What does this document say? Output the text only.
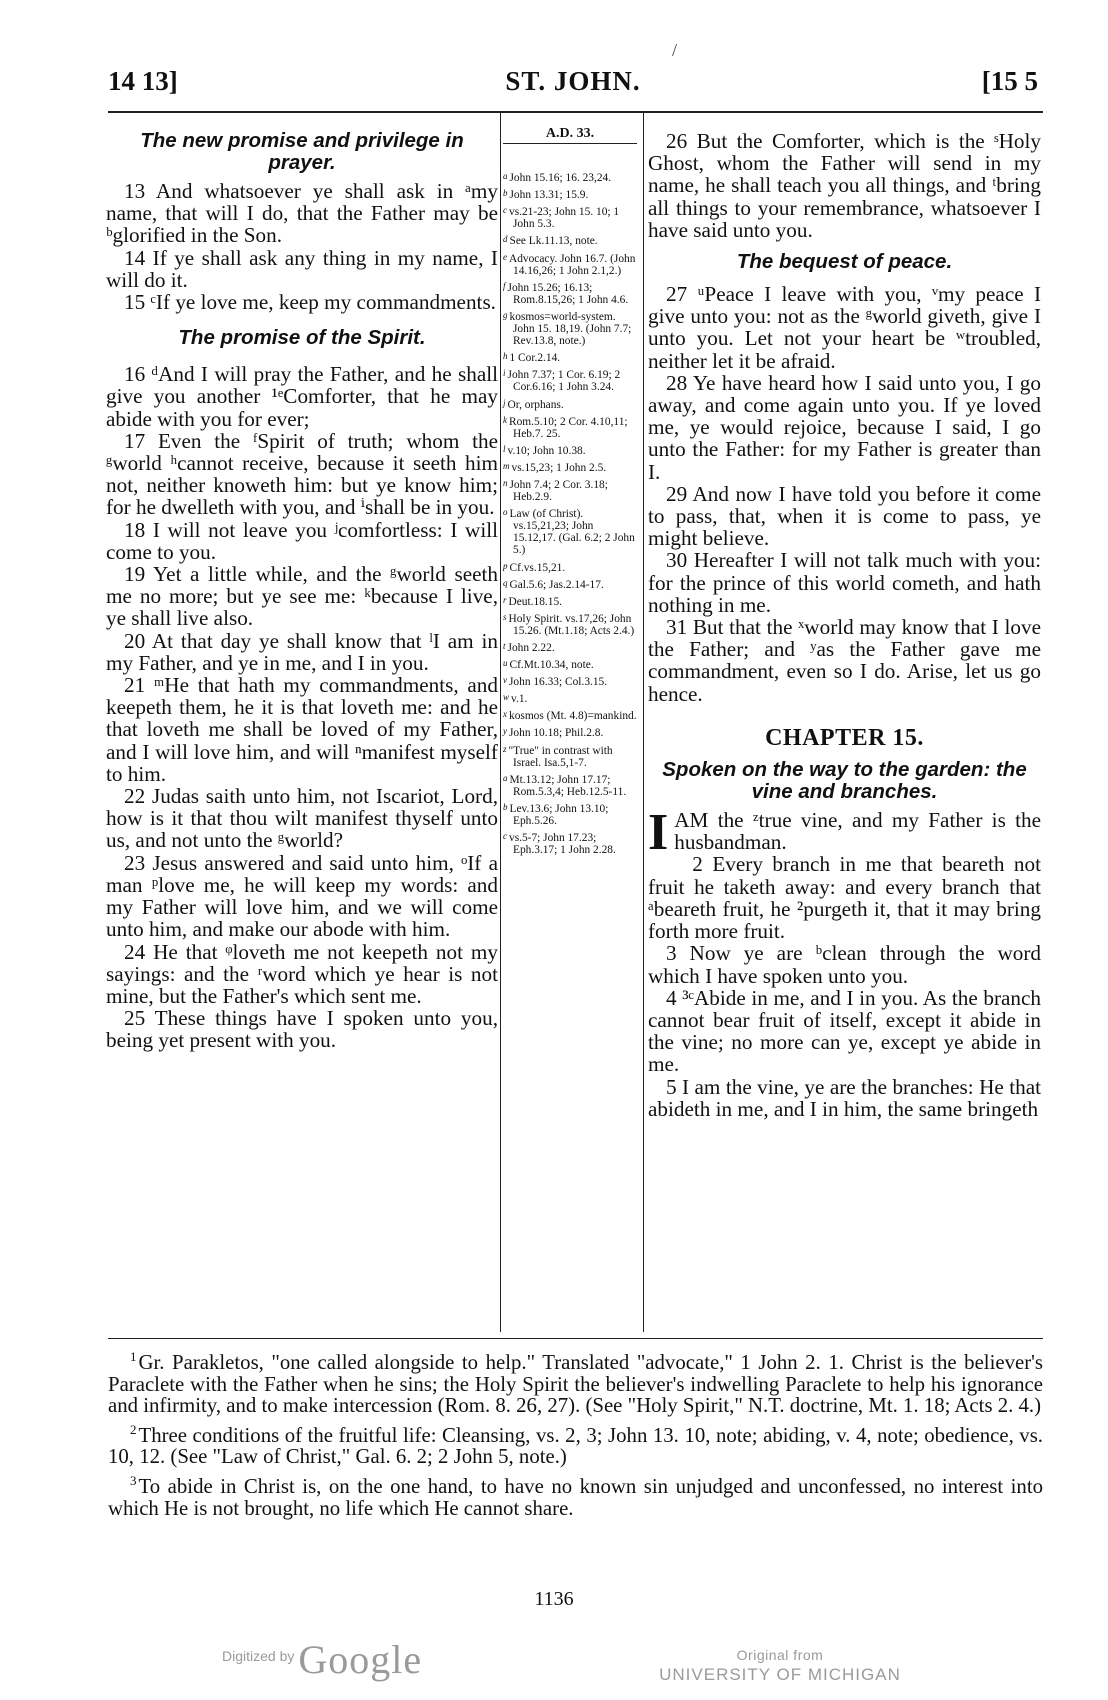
/
14 13]	ST. JOHN.	[15 5
The new promise and privilege in prayer.

13 And whatsoever ye shall ask in ᵃmy name, that will I do, that the Father may be ᵇglorified in the Son.

14 If ye shall ask any thing in my name, I will do it.

15 ᶜIf ye love me, keep my commandments.

The promise of the Spirit.

16 ᵈAnd I will pray the Father, and he shall give you another ¹ᵉComforter, that he may abide with you for ever;

17 Even the ᶠSpirit of truth; whom the ᵍworld ʰcannot receive, because it seeth him not, neither knoweth him: but ye know him; for he dwelleth with you, and ⁱshall be in you.

18 I will not leave you ʲcomfortless: I will come to you.

19 Yet a little while, and the ᵍworld seeth me no more; but ye see me: ᵏbecause I live, ye shall live also.

20 At that day ye shall know that ˡI am in my Father, and ye in me, and I in you.

21 ᵐHe that hath my commandments, and keepeth them, he it is that loveth me: and he that loveth me shall be loved of my Father, and I will love him, and will ⁿmanifest myself to him.

22 Judas saith unto him, not Iscariot, Lord, how is it that thou wilt manifest thyself unto us, and not unto the ᵍworld?

23 Jesus answered and said unto him, ᵒIf a man ᵖlove me, he will keep my words: and my Father will love him, and we will come unto him, and make our abode with him.

24 He that ᵠloveth me not keepeth not my sayings: and the ʳword which ye hear is not mine, but the Father's which sent me.

25 These things have I spoken unto you, being yet present with you.

A.D. 33.

a John 15.16; 16. 23,24.

b John 13.31; 15.9.

c vs.21-23; John 15. 10; 1 John 5.3.

d See Lk.11.13, note.

e Advocacy. John 16.7. (John 14.16,26; 1 John 2.1,2.)

f John 15.26; 16.13; Rom.8.15,26; 1 John 4.6.

g kosmos=world-system. John 15. 18,19. (John 7.7; Rev.13.8, note.)

h 1 Cor.2.14.

i John 7.37; 1 Cor. 6.19; 2 Cor.6.16; 1 John 3.24.

j Or, orphans.

k Rom.5.10; 2 Cor. 4.10,11; Heb.7. 25.

l v.10; John 10.38.

m vs.15,23; 1 John 2.5.

n John 7.4; 2 Cor. 3.18; Heb.2.9.

o Law (of Christ). vs.15,21,23; John 15.12,17. (Gal. 6.2; 2 John 5.)

p Cf.vs.15,21.

q Gal.5.6; Jas.2.14-17.

r Deut.18.15.

s Holy Spirit. vs.17,26; John 15.26. (Mt.1.18; Acts 2.4.)

t John 2.22.

u Cf.Mt.10.34, note.

v John 16.33; Col.3.15.

w v.1.

x kosmos (Mt. 4.8)=mankind.

y John 10.18; Phil.2.8.

z "True" in contrast with Israel. Isa.5,1-7.

a Mt.13.12; John 17.17; Rom.5.3,4; Heb.12.5-11.

b Lev.13.6; John 13.10; Eph.5.26.

c vs.5-7; John 17.23; Eph.3.17; 1 John 2.28.

26 But the Comforter, which is the ˢHoly Ghost, whom the Father will send in my name, he shall teach you all things, and ᵗbring all things to your remembrance, whatsoever I have said unto you.

The bequest of peace.

27 ᵘPeace I leave with you, ᵛmy peace I give unto you: not as the ᵍworld giveth, give I unto you. Let not your heart be ʷtroubled, neither let it be afraid.

28 Ye have heard how I said unto you, I go away, and come again unto you. If ye loved me, ye would rejoice, because I said, I go unto the Father: for my Father is greater than I.

29 And now I have told you before it come to pass, that, when it is come to pass, ye might believe.

30 Hereafter I will not talk much with you: for the prince of this world cometh, and hath nothing in me.

31 But that the ˣworld may know that I love the Father; and ʸas the Father gave me commandment, even so I do. Arise, let us go hence.

CHAPTER 15.
Spoken on the way to the garden: the vine and branches.

IAM the ᶻtrue vine, and my Father is the husbandman.

2 Every branch in me that beareth not fruit he taketh away: and every branch that ᵃbeareth fruit, he ²purgeth it, that it may bring forth more fruit.

3 Now ye are ᵇclean through the word which I have spoken unto you.

4 ³ᶜAbide in me, and I in you. As the branch cannot bear fruit of itself, except it abide in the vine; no more can ye, except ye abide in me.

5 I am the vine, ye are the branches: He that abideth in me, and I in him, the same bringeth

$^1$Gr. Parakletos, "one called alongside to help." Translated "advocate," 1 John 2. 1. Christ is the believer's Paraclete with the Father when he sins; the Holy Spirit the believer's indwelling Paraclete to help his ignorance and infirmity, and to make intercession (Rom. 8. 26, 27). (See "Holy Spirit," N.T. doctrine, Mt. 1. 18; Acts 2. 4.)

$^2$Three conditions of the fruitful life: Cleansing, vs. 2, 3; John 13. 10, note; abiding, v. 4, note; obedience, vs. 10, 12. (See "Law of Christ," Gal. 6. 2; 2 John 5, note.)

$^3$To abide in Christ is, on the one hand, to have no known sin unjudged and unconfessed, no interest into which He is not brought, no life which He cannot share.

1136
Digitized by Google	Original from
UNIVERSITY OF MICHIGAN
